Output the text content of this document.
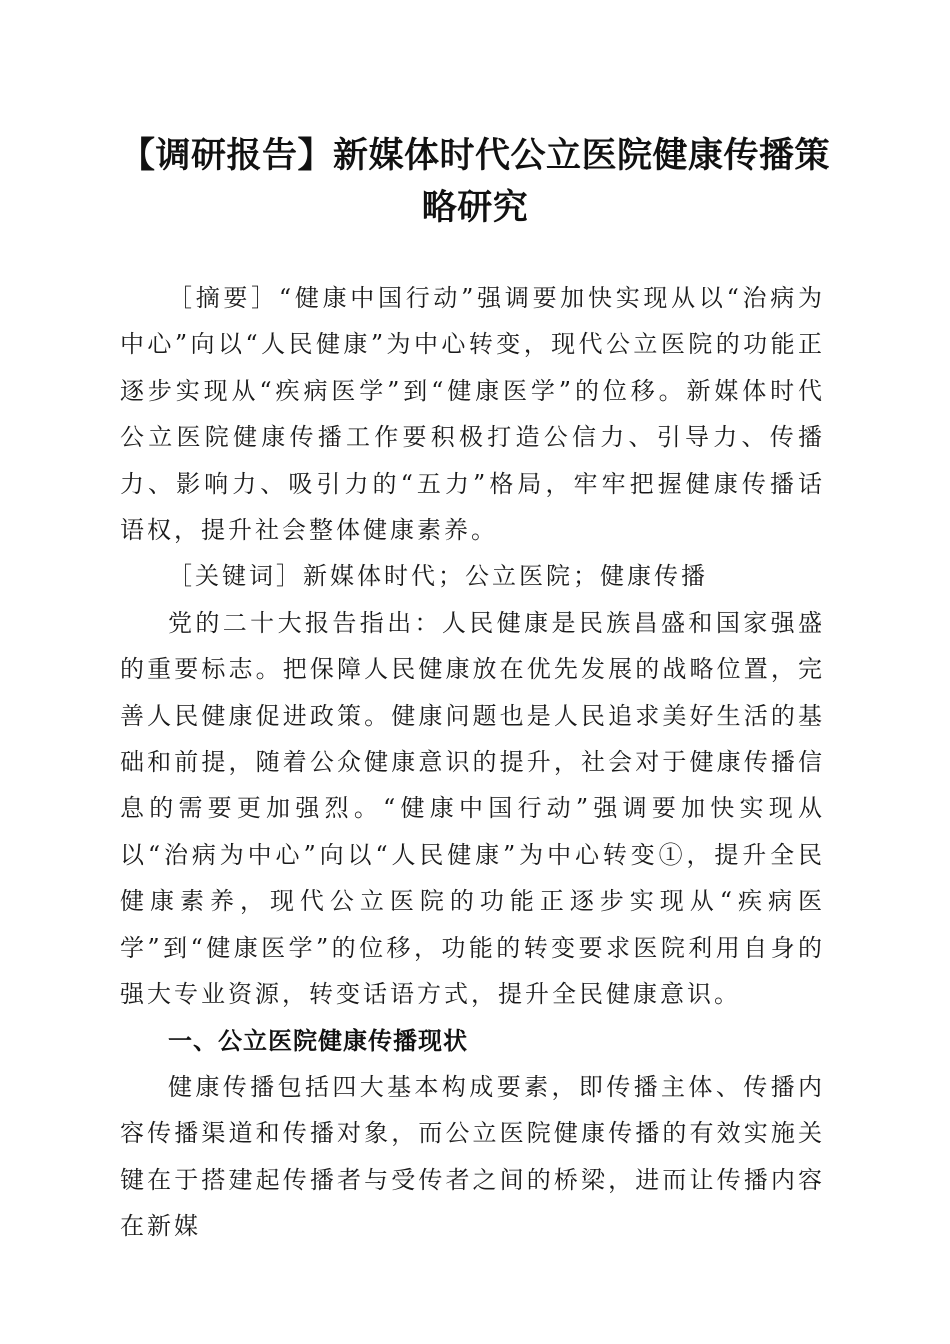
【调研报告】新媒体时代公立医院健康传播策略研究

［摘要］“健康中国行动”强调要加快实现从以“治病为中心”向以“人民健康”为中心转变，现代公立医院的功能正逐步实现从“疾病医学”到“健康医学”的位移。新媒体时代公立医院健康传播工作要积极打造公信力、引导力、传播力、影响力、吸引力的“五力”格局，牢牢把握健康传播话语权，提升社会整体健康素养。

［关键词］新媒体时代；公立医院；健康传播

党的二十大报告指出：人民健康是民族昌盛和国家强盛的重要标志。把保障人民健康放在优先发展的战略位置，完善人民健康促进政策。健康问题也是人民追求美好生活的基础和前提，随着公众健康意识的提升，社会对于健康传播信息的需要更加强烈。“健康中国行动”强调要加快实现从以“治病为中心”向以“人民健康”为中心转变①，提升全民健康素养，现代公立医院的功能正逐步实现从“疾病医学”到“健康医学”的位移，功能的转变要求医院利用自身的强大专业资源，转变话语方式，提升全民健康意识。

一、公立医院健康传播现状

健康传播包括四大基本构成要素，即传播主体、传播内容传播渠道和传播对象，而公立医院健康传播的有效实施关键在于搭建起传播者与受传者之间的桥梁，进而让传播内容在新媒
